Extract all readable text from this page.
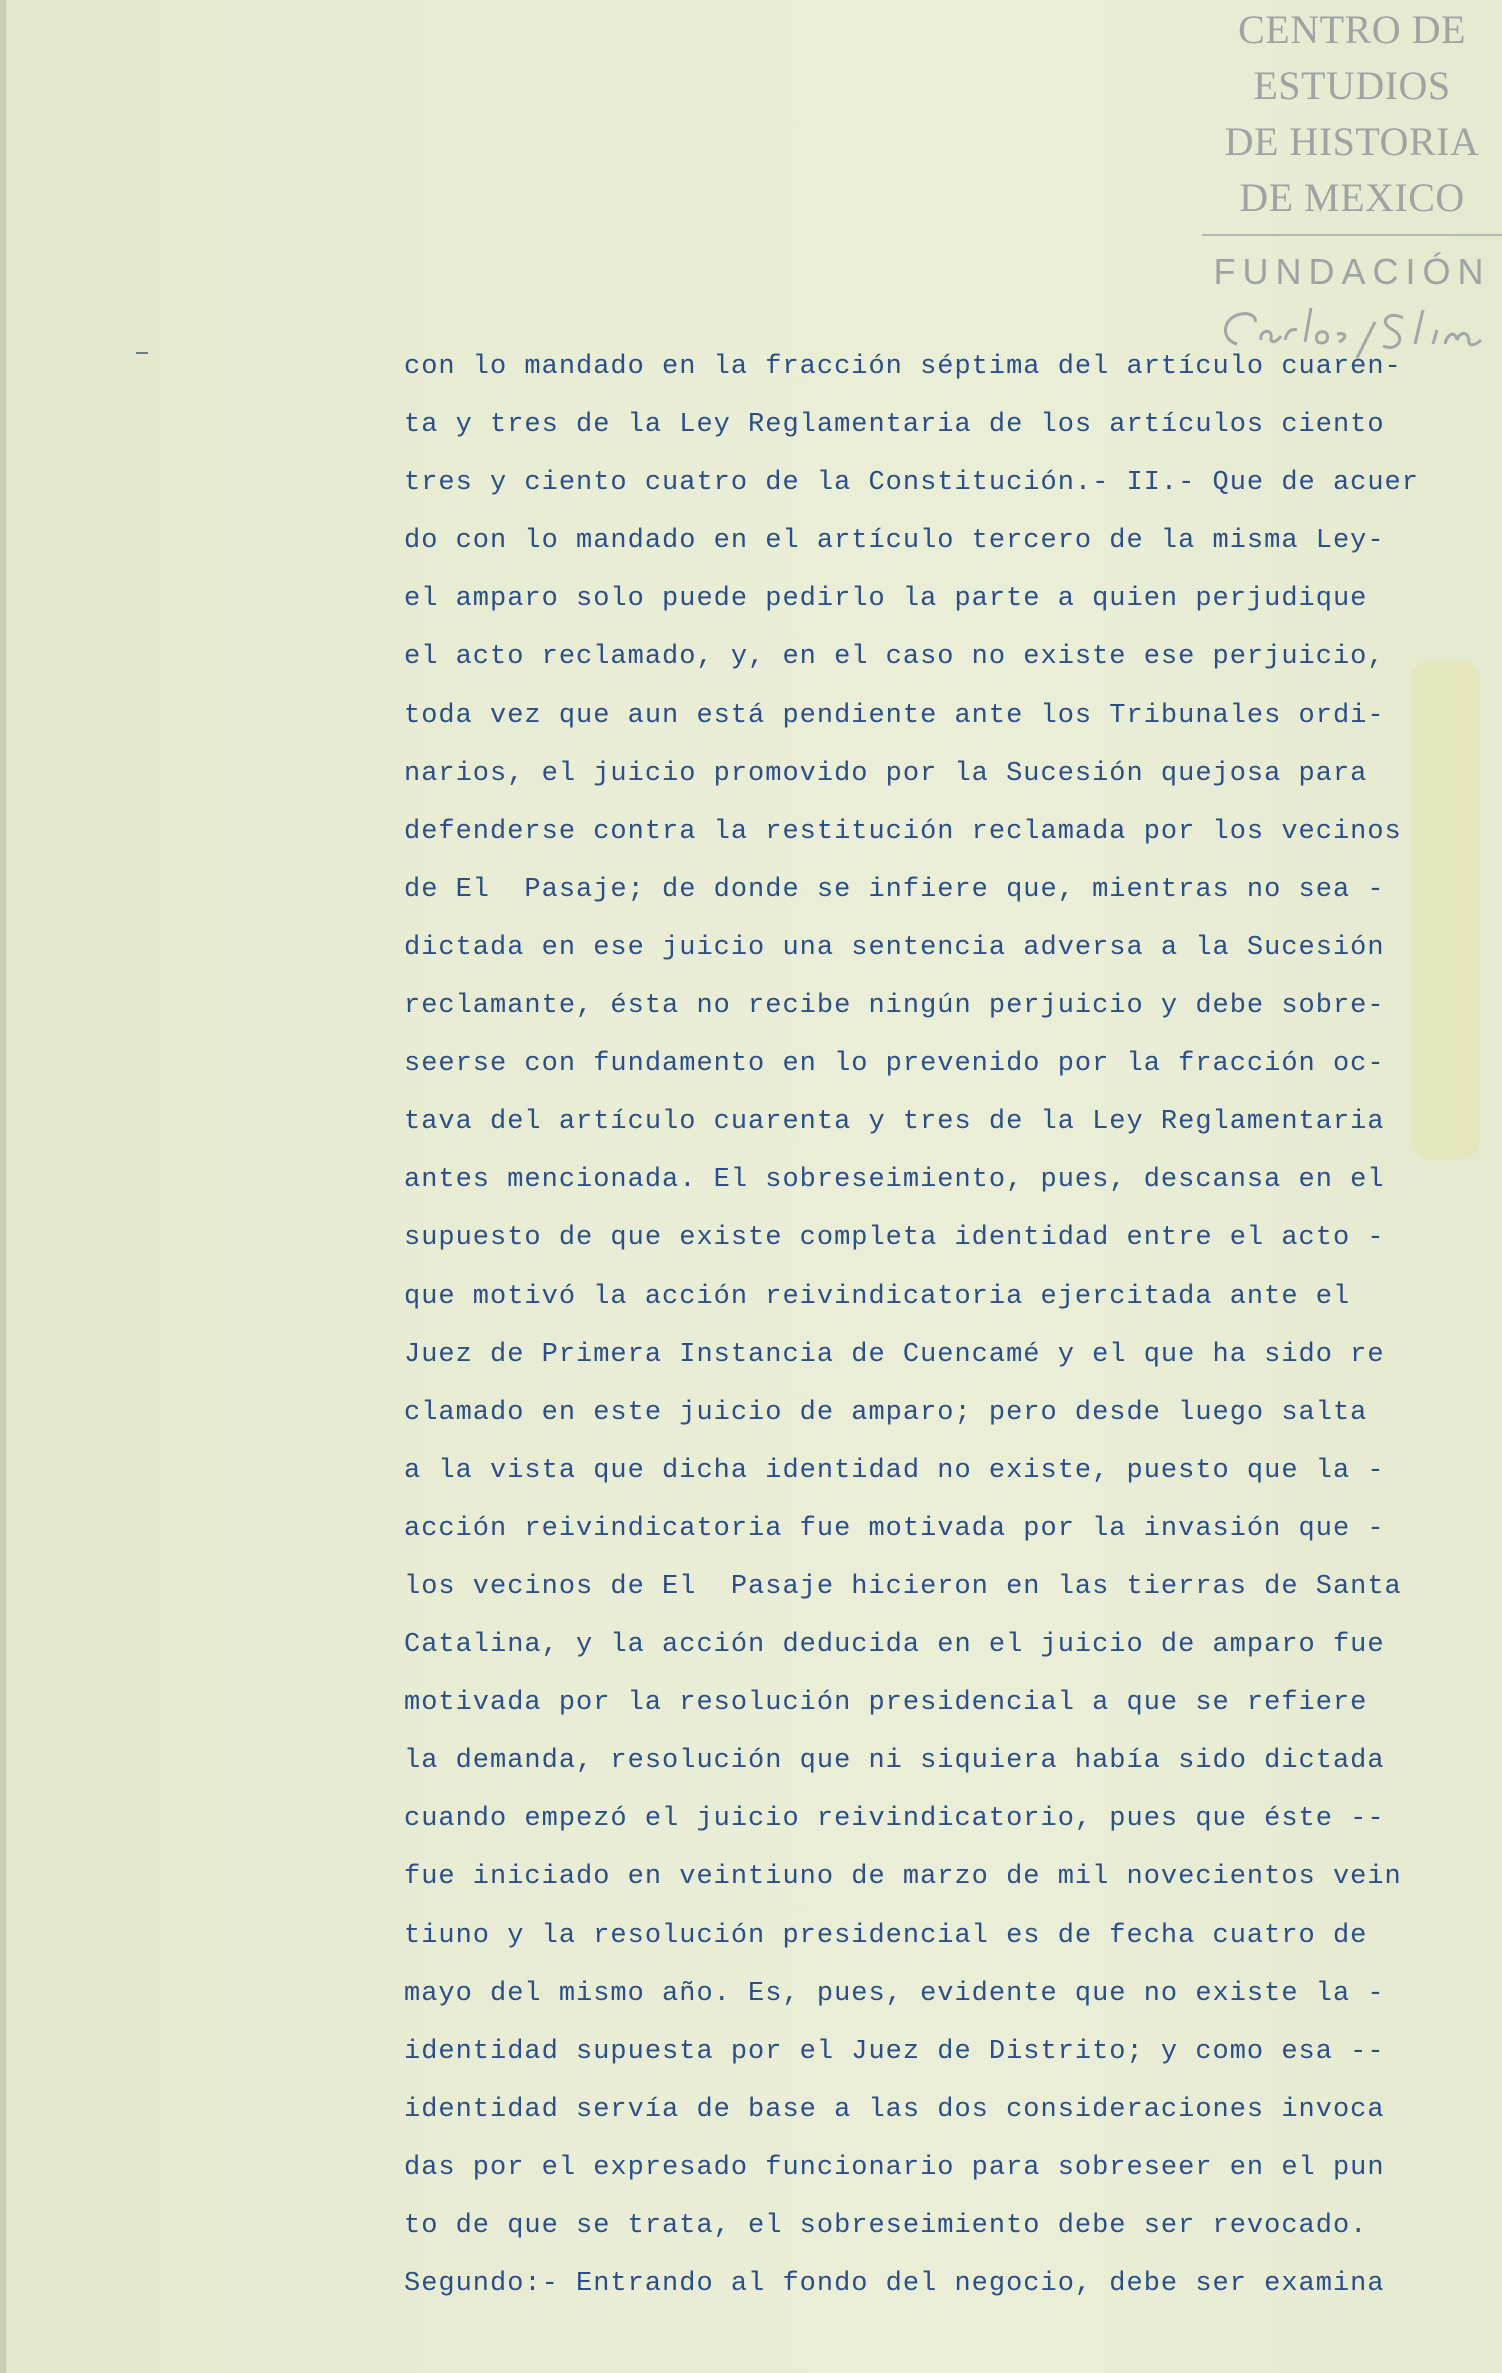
CENTRO DE
ESTUDIOS
DE HISTORIA
DE MEXICO
FUNDACIÓN
con lo mandado en la fracción séptima del artículo cuaren-
ta y tres de la Ley Reglamentaria de los artículos ciento
tres y ciento cuatro de la Constitución.- II.- Que de acuer
do con lo mandado en el artículo tercero de la misma Ley-
el amparo solo puede pedirlo la parte a quien perjudique
el acto reclamado, y, en el caso no existe ese perjuicio,
toda vez que aun está pendiente ante los Tribunales ordi-
narios, el juicio promovido por la Sucesión quejosa para
defenderse contra la restitución reclamada por los vecinos
de El  Pasaje; de donde se infiere que, mientras no sea -
dictada en ese juicio una sentencia adversa a la Sucesión
reclamante, ésta no recibe ningún perjuicio y debe sobre-
seerse con fundamento en lo prevenido por la fracción oc-
tava del artículo cuarenta y tres de la Ley Reglamentaria
antes mencionada. El sobreseimiento, pues, descansa en el
supuesto de que existe completa identidad entre el acto -
que motivó la acción reivindicatoria ejercitada ante el
Juez de Primera Instancia de Cuencamé y el que ha sido re
clamado en este juicio de amparo; pero desde luego salta
a la vista que dicha identidad no existe, puesto que la -
acción reivindicatoria fue motivada por la invasión que -
los vecinos de El  Pasaje hicieron en las tierras de Santa
Catalina, y la acción deducida en el juicio de amparo fue
motivada por la resolución presidencial a que se refiere
la demanda, resolución que ni siquiera había sido dictada
cuando empezó el juicio reivindicatorio, pues que éste --
fue iniciado en veintiuno de marzo de mil novecientos vein
tiuno y la resolución presidencial es de fecha cuatro de
mayo del mismo año. Es, pues, evidente que no existe la -
identidad supuesta por el Juez de Distrito; y como esa --
identidad servía de base a las dos consideraciones invoca
das por el expresado funcionario para sobreseer en el pun
to de que se trata, el sobreseimiento debe ser revocado.
Segundo:- Entrando al fondo del negocio, debe ser examina
